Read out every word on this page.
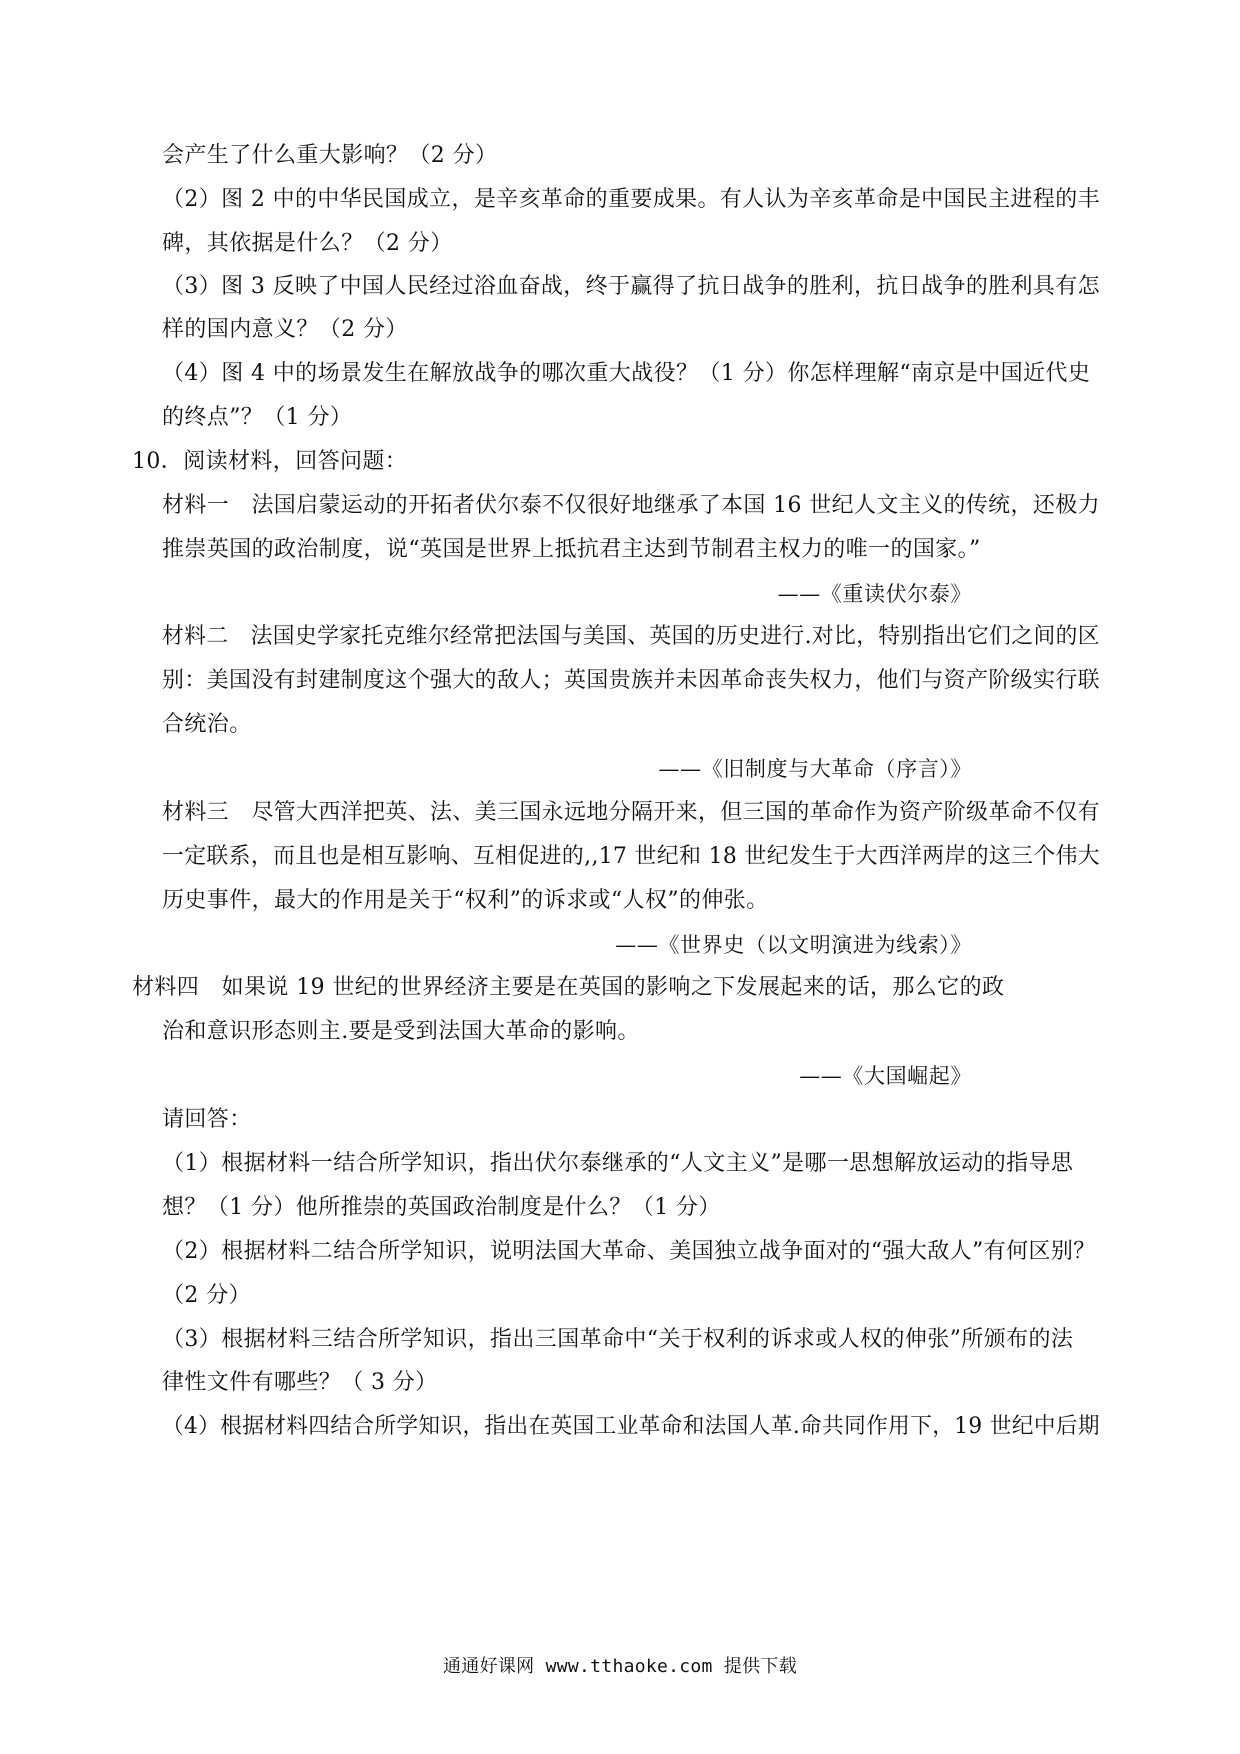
会产生了什么重大影响？（2 分）
（2）图 2 中的中华民国成立，是辛亥革命的重要成果。有人认为辛亥革命是中国民主进程的丰
碑，其依据是什么？（2 分）
（3）图 3 反映了中国人民经过浴血奋战，终于赢得了抗日战争的胜利，抗日战争的胜利具有怎
样的国内意义？（2 分）
（4）图 4 中的场景发生在解放战争的哪次重大战役？（1 分）你怎样理解“南京是中国近代史
的终点”？（1 分）
10．阅读材料，回答问题：
材料一　法国启蒙运动的开拓者伏尔泰不仅很好地继承了本国 16 世纪人文主义的传统，还极力
推崇英国的政治制度，说“英国是世界上抵抗君主达到节制君主权力的唯一的国家。”
——《重读伏尔泰》
材料二　法国史学家托克维尔经常把法国与美国、英国的历史进行.对比，特别指出它们之间的区
别：美国没有封建制度这个强大的敌人；英国贵族并未因革命丧失权力，他们与资产阶级实行联
合统治。
——《旧制度与大革命（序言）》
材料三　尽管大西洋把英、法、美三国永远地分隔开来，但三国的革命作为资产阶级革命不仅有
一定联系，而且也是相互影响、互相促进的,,17 世纪和 18 世纪发生于大西洋两岸的这三个伟大
历史事件，最大的作用是关于“权利”的诉求或“人权”的伸张。
——《世界史（以文明演进为线索）》
材料四　如果说 19 世纪的世界经济主要是在英国的影响之下发展起来的话，那么它的政
治和意识形态则主.要是受到法国大革命的影响。
——《大国崛起》
请回答：
（1）根据材料一结合所学知识，指出伏尔泰继承的“人文主义”是哪一思想解放运动的指导思
想？（1 分）他所推崇的英国政治制度是什么？（1 分）
（2）根据材料二结合所学知识，说明法国大革命、美国独立战争面对的“强大敌人”有何区别？
（2 分）
（3）根据材料三结合所学知识，指出三国革命中“关于权利的诉求或人权的伸张”所颁布的法
律性文件有哪些？（ 3 分）
（4）根据材料四结合所学知识，指出在英国工业革命和法国人革.命共同作用下，19 世纪中后期
通通好课网 www.tthaoke.com 提供下载
